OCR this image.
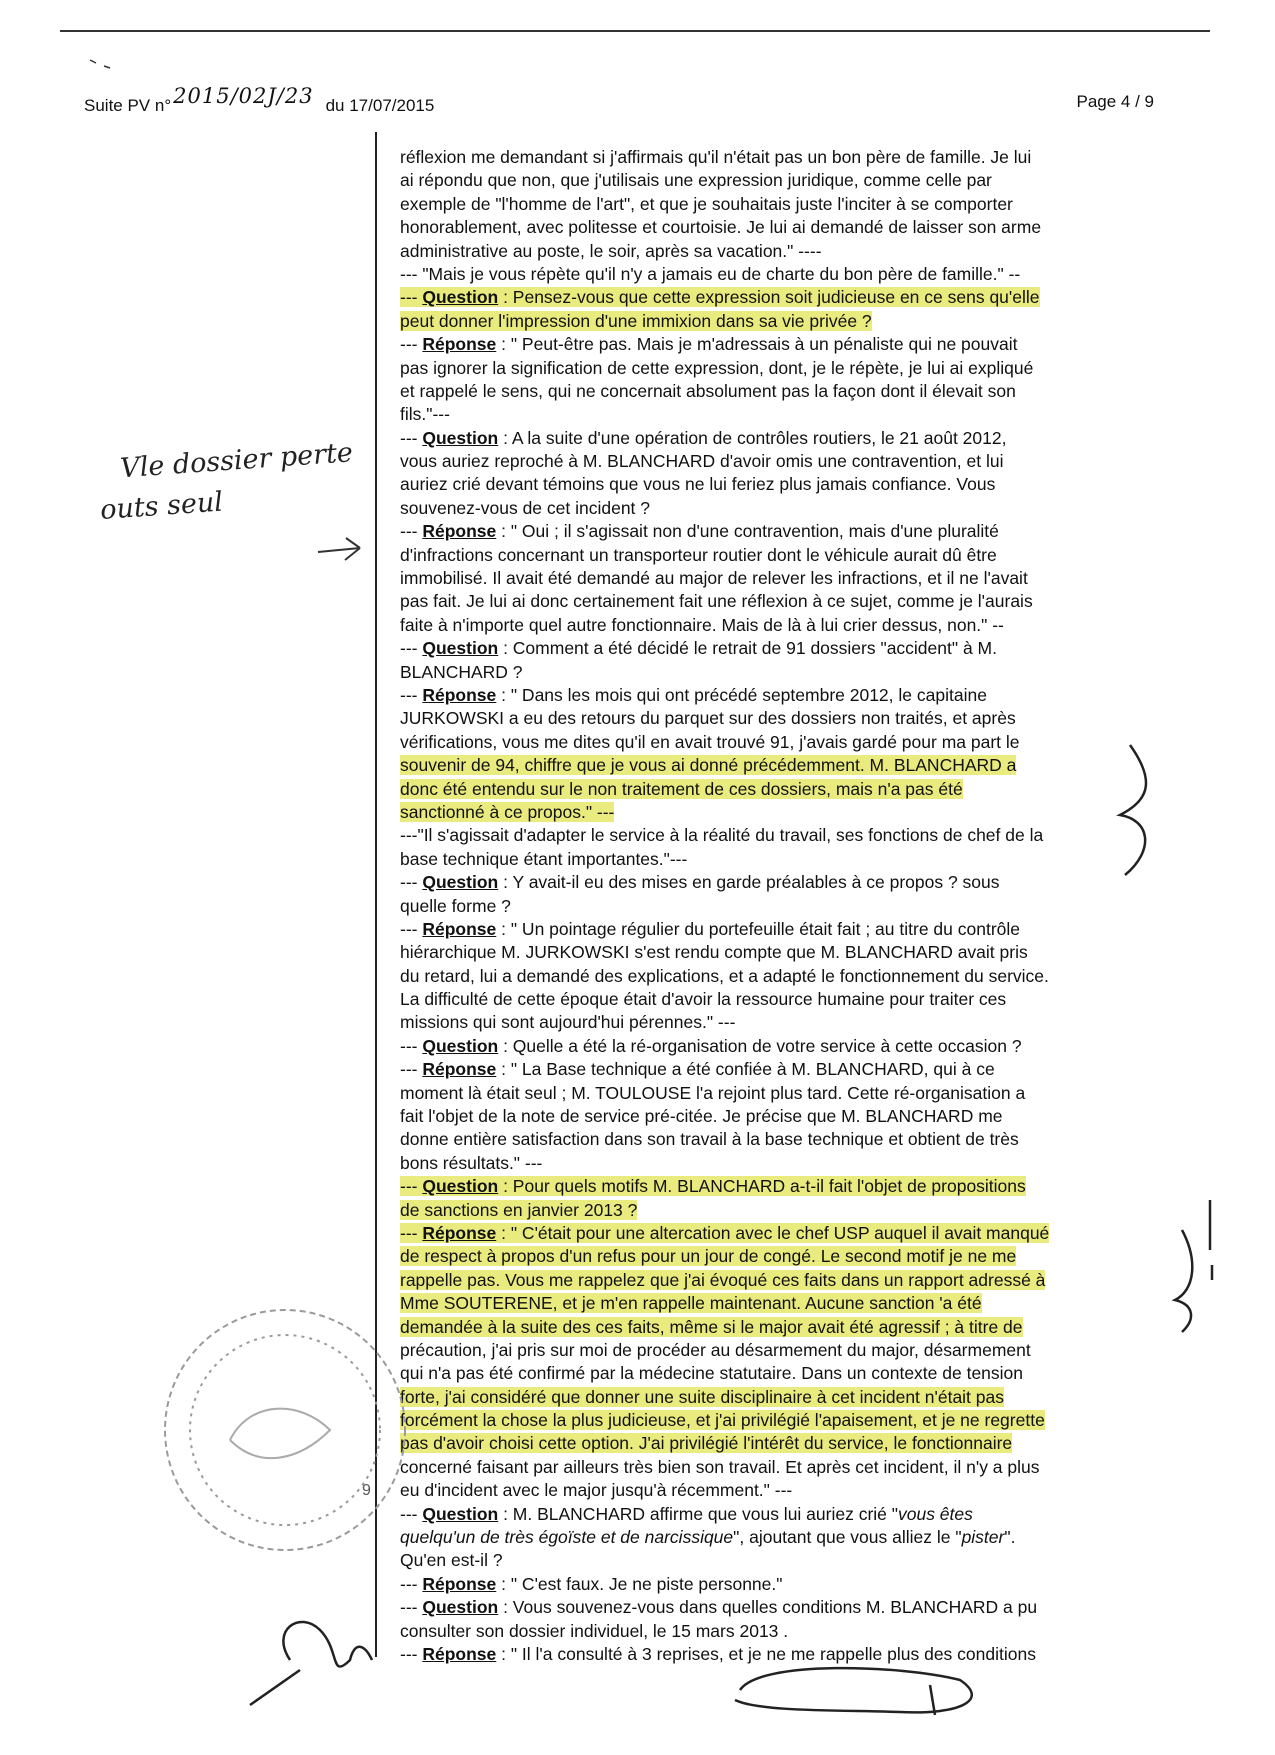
Suite PV n°2015/02J/23 du 17/07/2015	Page 4 / 9
Vle dossier perte
outs seul
réflexion me demandant si j'affirmais qu'il n'était pas un bon père de famille. Je lui
ai répondu que non, que j'utilisais une expression juridique, comme celle par
exemple de "l'homme de l'art", et que je souhaitais juste l'inciter à se comporter
honorablement, avec politesse et courtoisie. Je lui ai demandé de laisser son arme
administrative au poste, le soir, après sa vacation." ----
--- "Mais je vous répète qu'il n'y a jamais eu de charte du bon père de famille." --
--- Question : Pensez-vous que cette expression soit judicieuse en ce sens qu'elle
peut donner l'impression d'une immixion dans sa vie privée ?
--- Réponse : " Peut-être pas. Mais je m'adressais à un pénaliste qui ne pouvait
pas ignorer la signification de cette expression, dont, je le répète, je lui ai expliqué
et rappelé le sens, qui ne concernait absolument pas la façon dont il élevait son
fils."---
--- Question : A la suite d'une opération de contrôles routiers, le 21 août 2012,
vous auriez reproché à M. BLANCHARD d'avoir omis une contravention, et lui
auriez crié devant témoins que vous ne lui feriez plus jamais confiance. Vous
souvenez-vous de cet incident ?
--- Réponse : " Oui ; il s'agissait non d'une contravention, mais d'une pluralité
d'infractions concernant un transporteur routier dont le véhicule aurait dû être
immobilisé. Il avait été demandé au major de relever les infractions, et il ne l'avait
pas fait. Je lui ai donc certainement fait une réflexion à ce sujet, comme je l'aurais
faite à n'importe quel autre fonctionnaire. Mais de là à lui crier dessus, non." --
--- Question : Comment a été décidé le retrait de 91 dossiers "accident" à M.
BLANCHARD ?
--- Réponse : " Dans les mois qui ont précédé septembre 2012, le capitaine
JURKOWSKI a eu des retours du parquet sur des dossiers non traités, et après
vérifications, vous me dites qu'il en avait trouvé 91, j'avais gardé pour ma part le
souvenir de 94, chiffre que je vous ai donné précédemment. M. BLANCHARD a
donc été entendu sur le non traitement de ces dossiers, mais n'a pas été
sanctionné à ce propos." ---
---"Il s'agissait d'adapter le service à la réalité du travail, ses fonctions de chef de la
base technique étant importantes."---
--- Question : Y avait-il eu des mises en garde préalables à ce propos ? sous
quelle forme ?
--- Réponse : " Un pointage régulier du portefeuille était fait ; au titre du contrôle
hiérarchique M. JURKOWSKI s'est rendu compte que M. BLANCHARD avait pris
du retard, lui a demandé des explications, et a adapté le fonctionnement du service.
La difficulté de cette époque était d'avoir la ressource humaine pour traiter ces
missions qui sont aujourd'hui pérennes." ---
--- Question : Quelle a été la ré-organisation de votre service à cette occasion ?
--- Réponse : " La Base technique a été confiée à M. BLANCHARD, qui à ce
moment là était seul ; M. TOULOUSE l'a rejoint plus tard. Cette ré-organisation a
fait l'objet de la note de service pré-citée. Je précise que M. BLANCHARD me
donne entière satisfaction dans son travail à la base technique et obtient de très
bons résultats." ---
--- Question : Pour quels motifs M. BLANCHARD a-t-il fait l'objet de propositions
de sanctions en janvier 2013 ?
--- Réponse : " C'était pour une altercation avec le chef USP auquel il avait manqué
de respect à propos d'un refus pour un jour de congé. Le second motif je ne me
rappelle pas. Vous me rappelez que j'ai évoqué ces faits dans un rapport adressé à
Mme SOUTERENE, et je m'en rappelle maintenant. Aucune sanction 'a été
demandée à la suite des ces faits, même si le major avait été agressif ; à titre de
précaution, j'ai pris sur moi de procéder au désarmement du major, désarmement
qui n'a pas été confirmé par la médecine statutaire. Dans un contexte de tension
forte, j'ai considéré que donner une suite disciplinaire à cet incident n'était pas
forcément la chose la plus judicieuse, et j'ai privilégié l'apaisement, et je ne regrette
pas d'avoir choisi cette option. J'ai privilégié l'intérêt du service, le fonctionnaire
concerné faisant par ailleurs très bien son travail. Et après cet incident, il n'y a plus
eu d'incident avec le major jusqu'à récemment." ---
--- Question : M. BLANCHARD affirme que vous lui auriez crié "vous êtes
quelqu'un de très égoïste et de narcissique", ajoutant que vous alliez le "pister".
Qu'en est-il ?
--- Réponse : " C'est faux. Je ne piste personne."
--- Question : Vous souvenez-vous dans quelles conditions M. BLANCHARD a pu
consulter son dossier individuel, le 15 mars 2013 .
--- Réponse : " Il l'a consulté à 3 reprises, et je ne me rappelle plus des conditions
9
